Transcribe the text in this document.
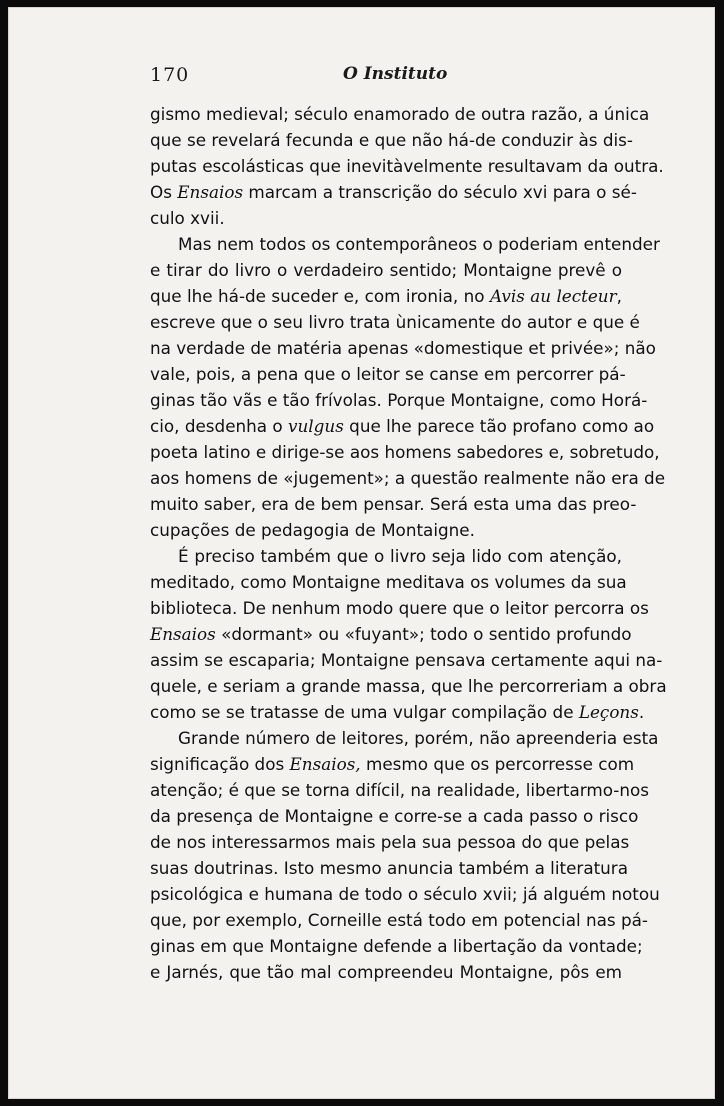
170	O Instituto

gismo medieval; século enamorado de outra razão, a única
que se revelará fecunda e que não há-de conduzir às dis-
putas escolásticas que inevitàvelmente resultavam da outra.
Os Ensaios marcam a transcrição do século xvi para o sé-
culo xvii.

Mas nem todos os contemporâneos o poderiam entender
e tirar do livro o verdadeiro sentido; Montaigne prevê o
que lhe há-de suceder e, com ironia, no Avis au lecteur,
escreve que o seu livro trata ùnicamente do autor e que é
na verdade de matéria apenas «domestique et privée»; não
vale, pois, a pena que o leitor se canse em percorrer pá-
ginas tão vãs e tão frívolas. Porque Montaigne, como Horá-
cio, desdenha o vulgus que lhe parece tão profano como ao
poeta latino e dirige-se aos homens sabedores e, sobretudo,
aos homens de «jugement»; a questão realmente não era de
muito saber, era de bem pensar. Será esta uma das preo-
cupações de pedagogia de Montaigne.

É preciso também que o livro seja lido com atenção,
meditado, como Montaigne meditava os volumes da sua
biblioteca. De nenhum modo quere que o leitor percorra os
Ensaios «dormant» ou «fuyant»; todo o sentido profundo
assim se escaparia; Montaigne pensava certamente aqui na-
quele, e seriam a grande massa, que lhe percorreriam a obra
como se se tratasse de uma vulgar compilação de Leçons.

Grande número de leitores, porém, não apreenderia esta
significação dos Ensaios, mesmo que os percorresse com
atenção; é que se torna difícil, na realidade, libertarmo-nos
da presença de Montaigne e corre-se a cada passo o risco
de nos interessarmos mais pela sua pessoa do que pelas
suas doutrinas. Isto mesmo anuncia também a literatura
psicológica e humana de todo o século xvii; já alguém notou
que, por exemplo, Corneille está todo em potencial nas pá-
ginas em que Montaigne defende a libertação da vontade;
e Jarnés, que tão mal compreendeu Montaigne, pôs em
